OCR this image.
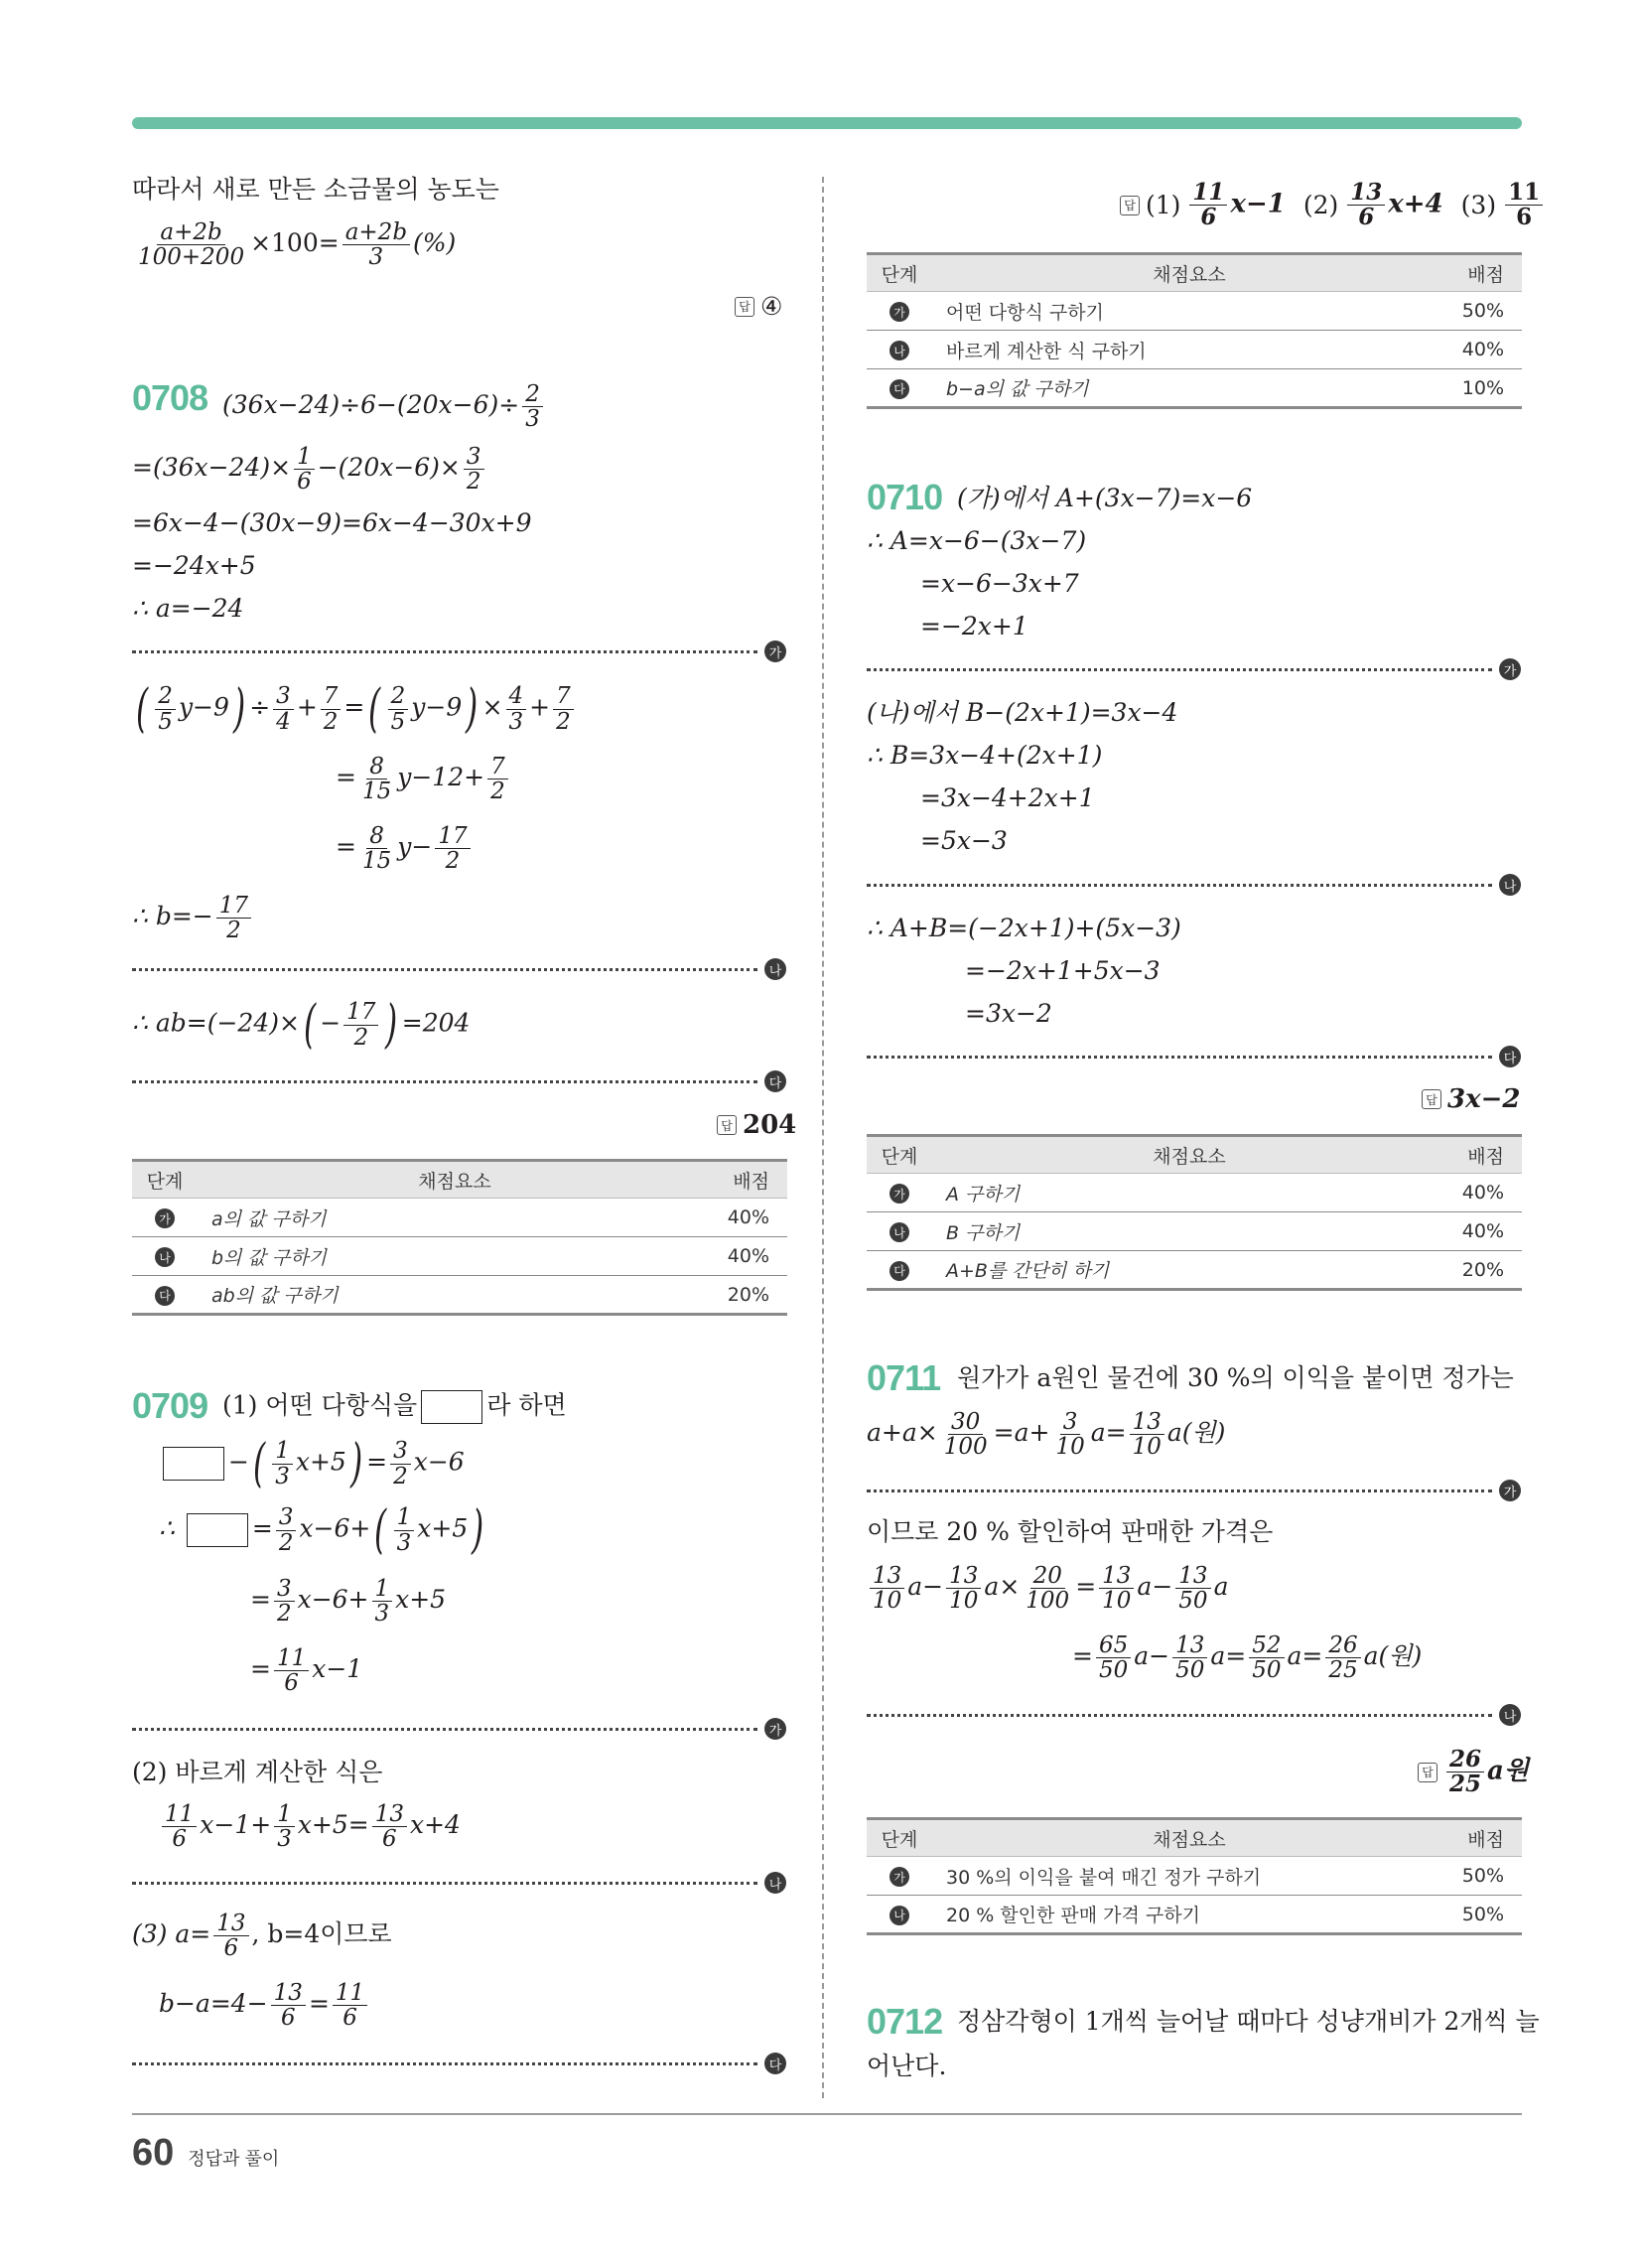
따라서 새로 만든 소금물의 농도는
$\frac{a+2b}{100+200} \times 100= \frac{a+2b}{3}$ (%)
답 ④
0708 $(36x-24)\div 6-(20x-6)\div \frac{2}{3}$
$=(36x-24)\times \frac{1}{6} -(20x-6)\times \frac{3}{2}$
=6x−4−(30x−9)=6x−4−30x+9
=−24x+5
∴ a=−24
가
( $\frac{2}{5} y-9) \div \frac{3}{4} + \frac{7}{2}$ =( $\frac{2}{5} y-9) \times \frac{4}{3} + \frac{7}{2}$
= $\frac{8}{15} y-12+ \frac{7}{2}$
= $\frac{8}{15} y- \frac{17}{2}$
∴ $b=- \frac{17}{2}$
나
∴ $ab=(-24)\times( - \frac{17}{2}$ ) =204
다
답 204
단계	채점요소	배점
가	a의 값 구하기	40%
나	b의 값 구하기	40%
다	ab의 값 구하기	20%
0709 (1) 어떤 다항식을	라 하면
−( $\frac{1}{3} x+5) = \frac{3}{2} x-6$
∴	= $\frac{3}{2} x-6+( \frac{1}{3} x+5)$
= $\frac{3}{2} x-6+ \frac{1}{3} x+5$
= $\frac{11}{6} x-1$
가
(2) 바르게 계산한 식은
$\frac{11}{6} x-1+ \frac{1}{3} x+5= \frac{13}{6} x+4$
나
(3) $a= \frac{13}{6}$ , b=4이므로
$b-a=4- \frac{13}{6} = \frac{11}{6}$
다
답 $(1) \frac{11}{6} x-1$ $(2) \frac{13}{6} x+4$ $(3) \frac{11}{6}$
단계	채점요소	배점
가	어떤 다항식 구하기	50%
나	바르게 계산한 식 구하기	40%
다	b−a의 값 구하기	10%
0710 (가)에서 A+(3x−7)=x−6
∴ A=x−6−(3x−7)
=x−6−3x+7
=−2x+1
가
(나)에서 B−(2x+1)=3x−4
∴ B=3x−4+(2x+1)
=3x−4+2x+1
=5x−3
나
∴ A+B=(−2x+1)+(5x−3)
=−2x+1+5x−3
=3x−2
다
답 3x−2
단계	채점요소	배점
가	A 구하기	40%
나	B 구하기	40%
다	A+B를 간단히 하기	20%
0711 원가가 a원인 물건에 30 %의 이익을 붙이면 정가는
$a+a\times \frac{30}{100} =a+ \frac{3}{10} a= \frac{13}{10} a$(원)
가
이므로 20 % 할인하여 판매한 가격은
$\frac{13}{10} a- \frac{13}{10} a\times \frac{20}{100} = \frac{13}{10} a- \frac{13}{50}$ a
= $\frac{65}{50} a- \frac{13}{50} a= \frac{52}{50} a= \frac{26}{25} a$(원)
나
답 $\frac{26}{25}$ a원
단계	채점요소	배점
가	30 %의 이익을 붙여 매긴 정가 구하기	50%
나	20 % 할인한 판매 가격 구하기	50%
0712 정삼각형이 1개씩 늘어날 때마다 성냥개비가 2개씩 늘
어난다.
60 정답과 풀이
